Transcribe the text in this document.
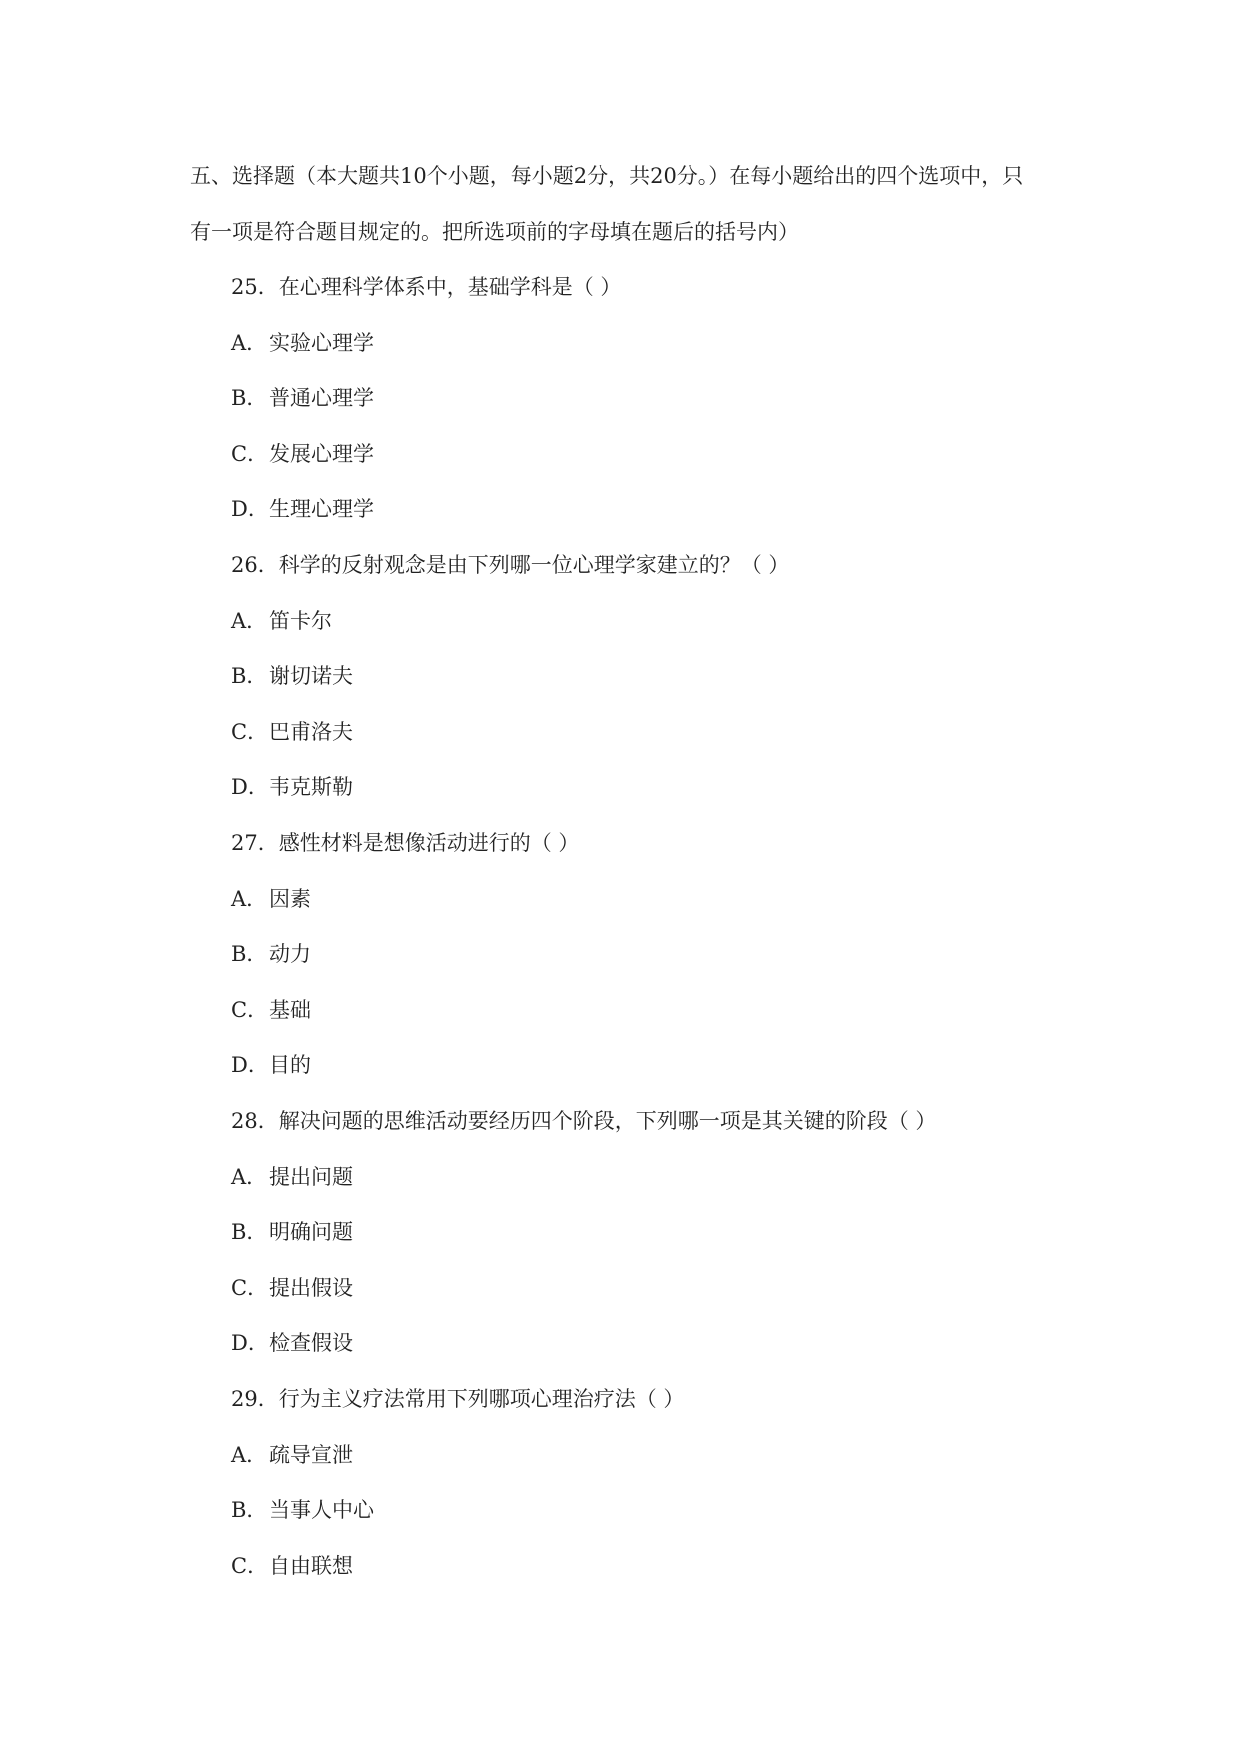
五、选择题（本大题共10个小题，每小题2分，共20分。）在每小题给出的四个选项中，只
有一项是符合题目规定的。把所选项前的字母填在题后的括号内）
25．在心理科学体系中，基础学科是（ ）
A．实验心理学
B．普通心理学
C．发展心理学
D．生理心理学
26．科学的反射观念是由下列哪一位心理学家建立的？（ ）
A．笛卡尔
B．谢切诺夫
C．巴甫洛夫
D．韦克斯勒
27．感性材料是想像活动进行的（ ）
A．因素
B．动力
C．基础
D．目的
28．解决问题的思维活动要经历四个阶段，下列哪一项是其关键的阶段（ ）
A．提出问题
B．明确问题
C．提出假设
D．检查假设
29．行为主义疗法常用下列哪项心理治疗法（ ）
A．疏导宣泄
B．当事人中心
C．自由联想
